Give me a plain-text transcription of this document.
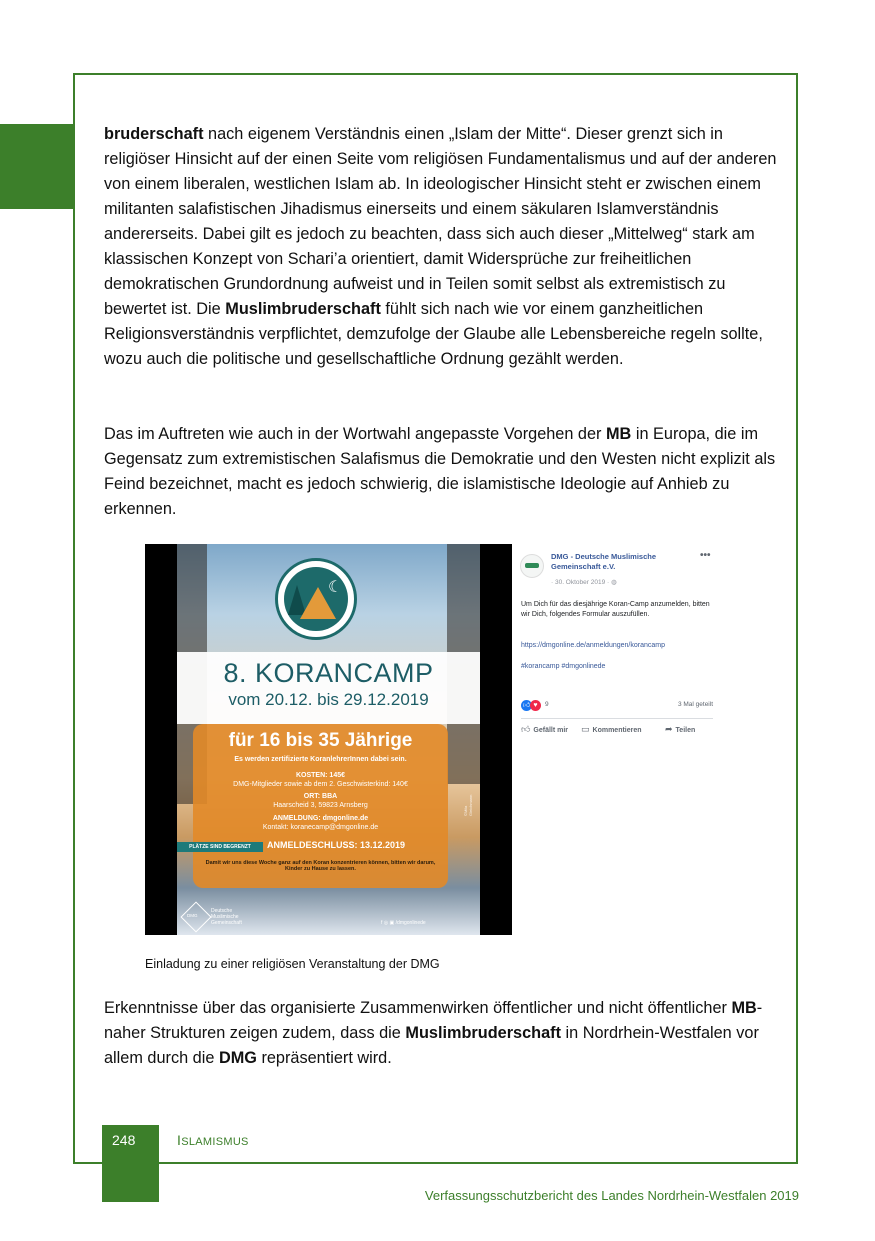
bruderschaft nach eigenem Verständnis einen „Islam der Mitte“. Dieser grenzt sich in religiöser Hinsicht auf der einen Seite vom religiösen Fundamentalismus und auf der anderen von einem liberalen, westlichen Islam ab. In ideologischer Hinsicht steht er zwischen einem militanten salafistischen Jihadismus einerseits und einem säkularen Islamverständnis andererseits. Dabei gilt es jedoch zu beachten, dass sich auch dieser „Mittelweg“ stark am klassischen Konzept von Schari’a orientiert, damit Widersprüche zur freiheitlichen demokratischen Grundordnung aufweist und in Teilen somit selbst als extremistisch zu bewertet ist. Die Muslimbruderschaft fühlt sich nach wie vor einem ganzheitlichen Religionsverständnis verpflichtet, demzufolge der Glaube alle Lebensbereiche regeln sollte, wozu auch die politische und gesellschaftliche Ordnung gezählt werden.

Das im Auftreten wie auch in der Wortwahl angepasste Vorgehen der MB in Europa, die im Gegensatz zum extremistischen Salafismus die Demokratie und den Westen nicht explizit als Feind bezeichnet, macht es jedoch schwierig, die islamistische Ideologie auf Anhieb zu erkennen.

☾
8. KORANCAMP
vom 20.12. bis 29.12.2019
für 16 bis 35 Jährige
Es werden zertifizierte KoranlehrerInnen dabei sein.
KOSTEN: 145€
DMG-Mitglieder sowie ab dem 2. Geschwisterkind: 140€
ORT: BBA
Haarscheid 3, 59823 Arnsberg
ANMELDUNG: dmgonline.de
Kontakt: koranecamp@dmgonline.de
PLÄTZE SIND BEGRENZT	ANMELDESCHLUSS: 13.12.2019
Damit wir uns diese Woche ganz auf den Koran konzentrieren können, bitten wir darum, Kinder zu Hause zu lassen.
©Mila Gleichmann
Deutsche Muslimische Gemeinschaft
DMG
f ◎ ▣ /dmgonlinede
DMG - Deutsche Muslimische Gemeinschaft e.V.
•••
· 30. Oktober 2019 · ◍
Um Dich für das diesjährige Koran-Camp anzumelden, bitten wir Dich, folgendes Formular auszufüllen.
https://dmgonline.de/anmeldungen/korancamp
#korancamp #dmgonlinede
👍︎ ♥	9	3 Mal geteilt
👍︎ Gefällt mir ▭ Kommentieren	➦ Teilen
Einladung zu einer religiösen Veranstaltung der DMG

Erkenntnisse über das organisierte Zusammenwirken öffentlicher und nicht öffentlicher MB-naher Strukturen zeigen zudem, dass die Muslimbruderschaft in Nordrhein-Westfalen vor allem durch die DMG repräsentiert wird.

248	ISLAMISMUS
Verfassungsschutzbericht des Landes Nordrhein-Westfalen 2019
